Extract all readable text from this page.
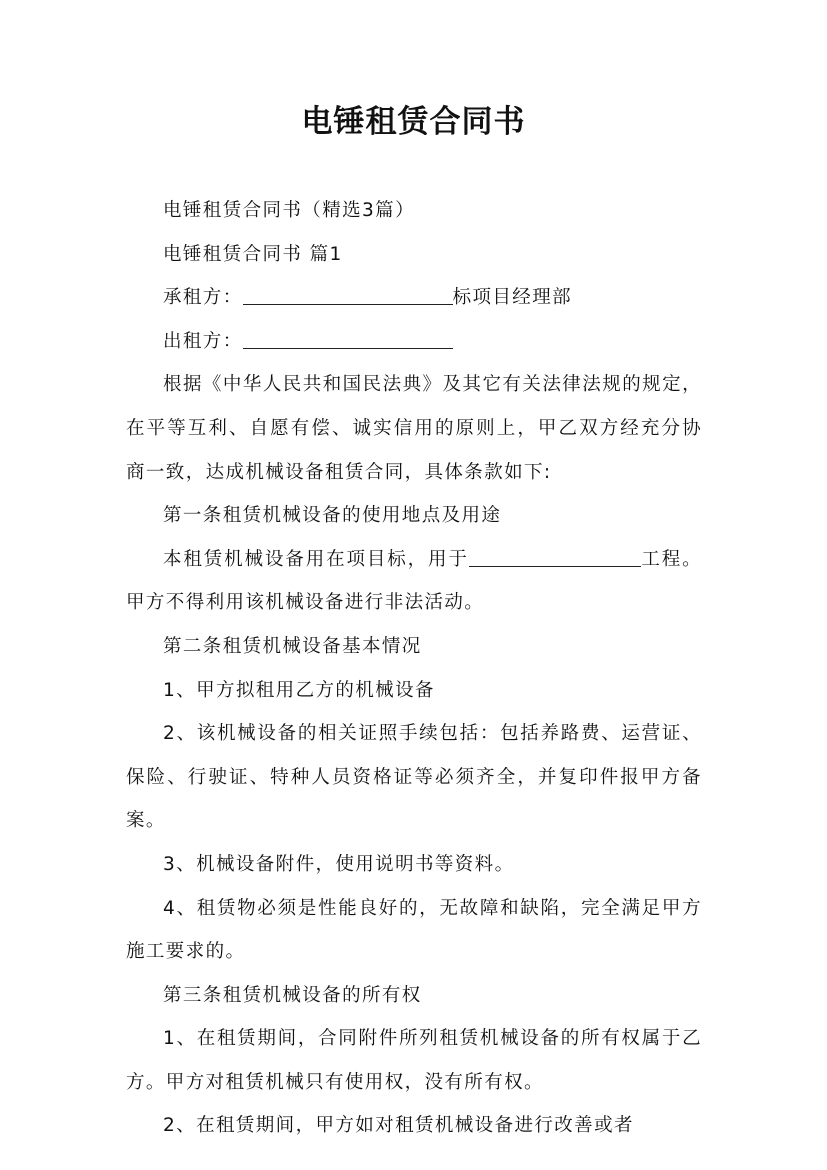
电锤租赁合同书

电锤租赁合同书（精选3篇）

电锤租赁合同书 篇1

承租方：	标项目经理部

出租方：

根据《中华人民共和国民法典》及其它有关法律法规的规定，在平等互利、自愿有偿、诚实信用的原则上，甲乙双方经充分协商一致，达成机械设备租赁合同，具体条款如下:

第一条租赁机械设备的使用地点及用途

本租赁机械设备用在项目标，用于	工程。甲方不得利用该机械设备进行非法活动。

第二条租赁机械设备基本情况

1、甲方拟租用乙方的机械设备

2、该机械设备的相关证照手续包括：包括养路费、运营证、保险、行驶证、特种人员资格证等必须齐全，并复印件报甲方备案。

3、机械设备附件，使用说明书等资料。

4、租赁物必须是性能良好的，无故障和缺陷，完全满足甲方施工要求的。

第三条租赁机械设备的所有权

1、在租赁期间，合同附件所列租赁机械设备的所有权属于乙方。甲方对租赁机械只有使用权，没有所有权。

2、在租赁期间，甲方如对租赁机械设备进行改善或者
